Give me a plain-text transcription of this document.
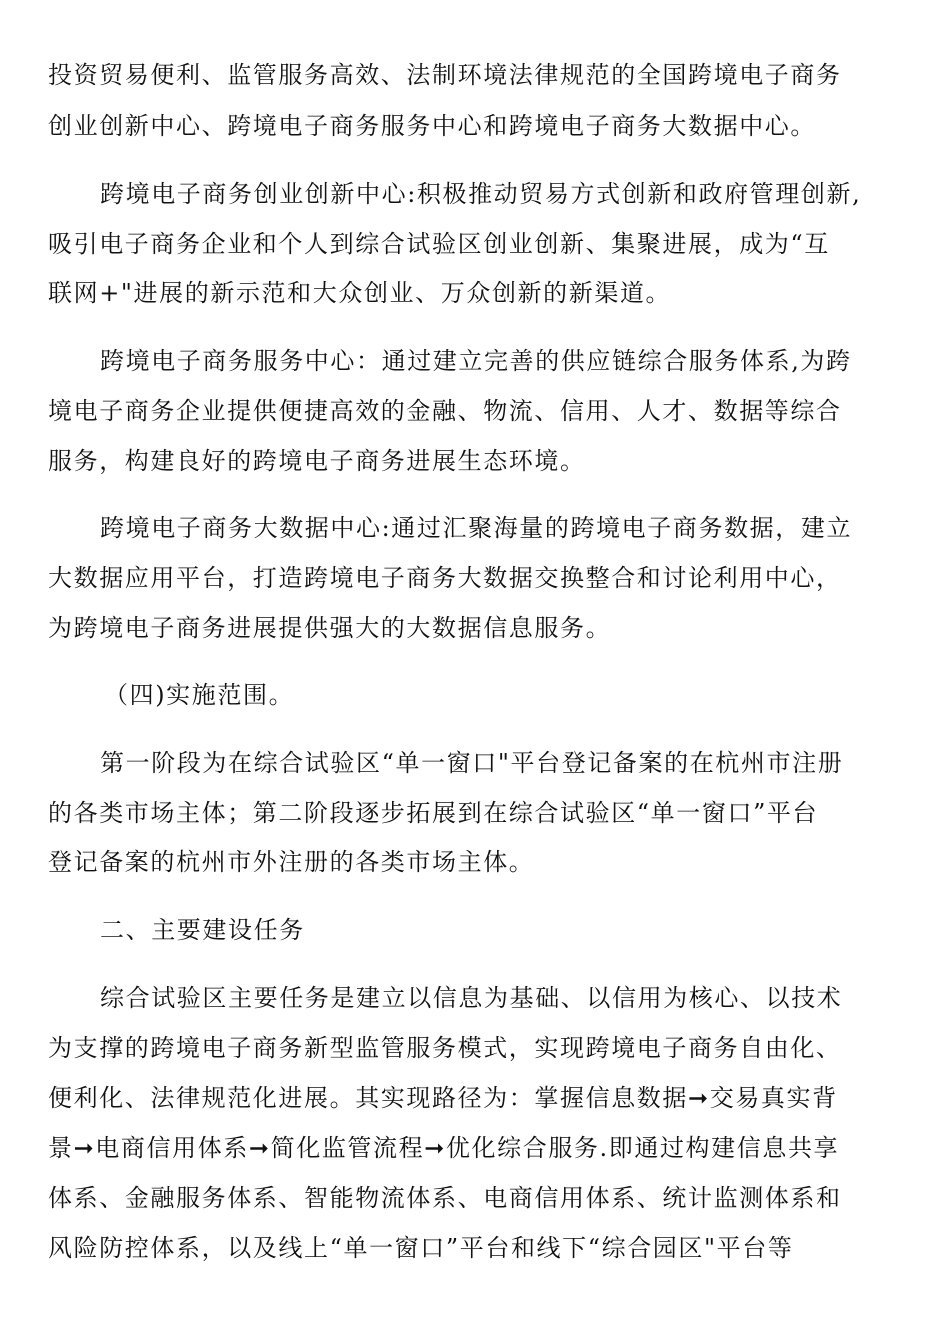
投资贸易便利、监管服务高效、法制环境法律规范的全国跨境电子商务
创业创新中心、跨境电子商务服务中心和跨境电子商务大数据中心。
跨境电子商务创业创新中心:积极推动贸易方式创新和政府管理创新,
吸引电子商务企业和个人到综合试验区创业创新、集聚进展，成为“互
联网+"进展的新示范和大众创业、万众创新的新渠道。
跨境电子商务服务中心：通过建立完善的供应链综合服务体系,为跨
境电子商务企业提供便捷高效的金融、物流、信用、人才、数据等综合
服务，构建良好的跨境电子商务进展生态环境。
跨境电子商务大数据中心:通过汇聚海量的跨境电子商务数据，建立
大数据应用平台，打造跨境电子商务大数据交换整合和讨论利用中心，
为跨境电子商务进展提供强大的大数据信息服务。
（四)实施范围。
第一阶段为在综合试验区“单一窗口"平台登记备案的在杭州市注册
的各类市场主体；第二阶段逐步拓展到在综合试验区“单一窗口”平台
登记备案的杭州市外注册的各类市场主体。
二、主要建设任务
综合试验区主要任务是建立以信息为基础、以信用为核心、以技术
为支撑的跨境电子商务新型监管服务模式，实现跨境电子商务自由化、
便利化、法律规范化进展。其实现路径为：掌握信息数据➞交易真实背
景➞电商信用体系➞简化监管流程➞优化综合服务.即通过构建信息共享
体系、金融服务体系、智能物流体系、电商信用体系、统计监测体系和
风险防控体系，以及线上“单一窗口”平台和线下“综合园区"平台等
